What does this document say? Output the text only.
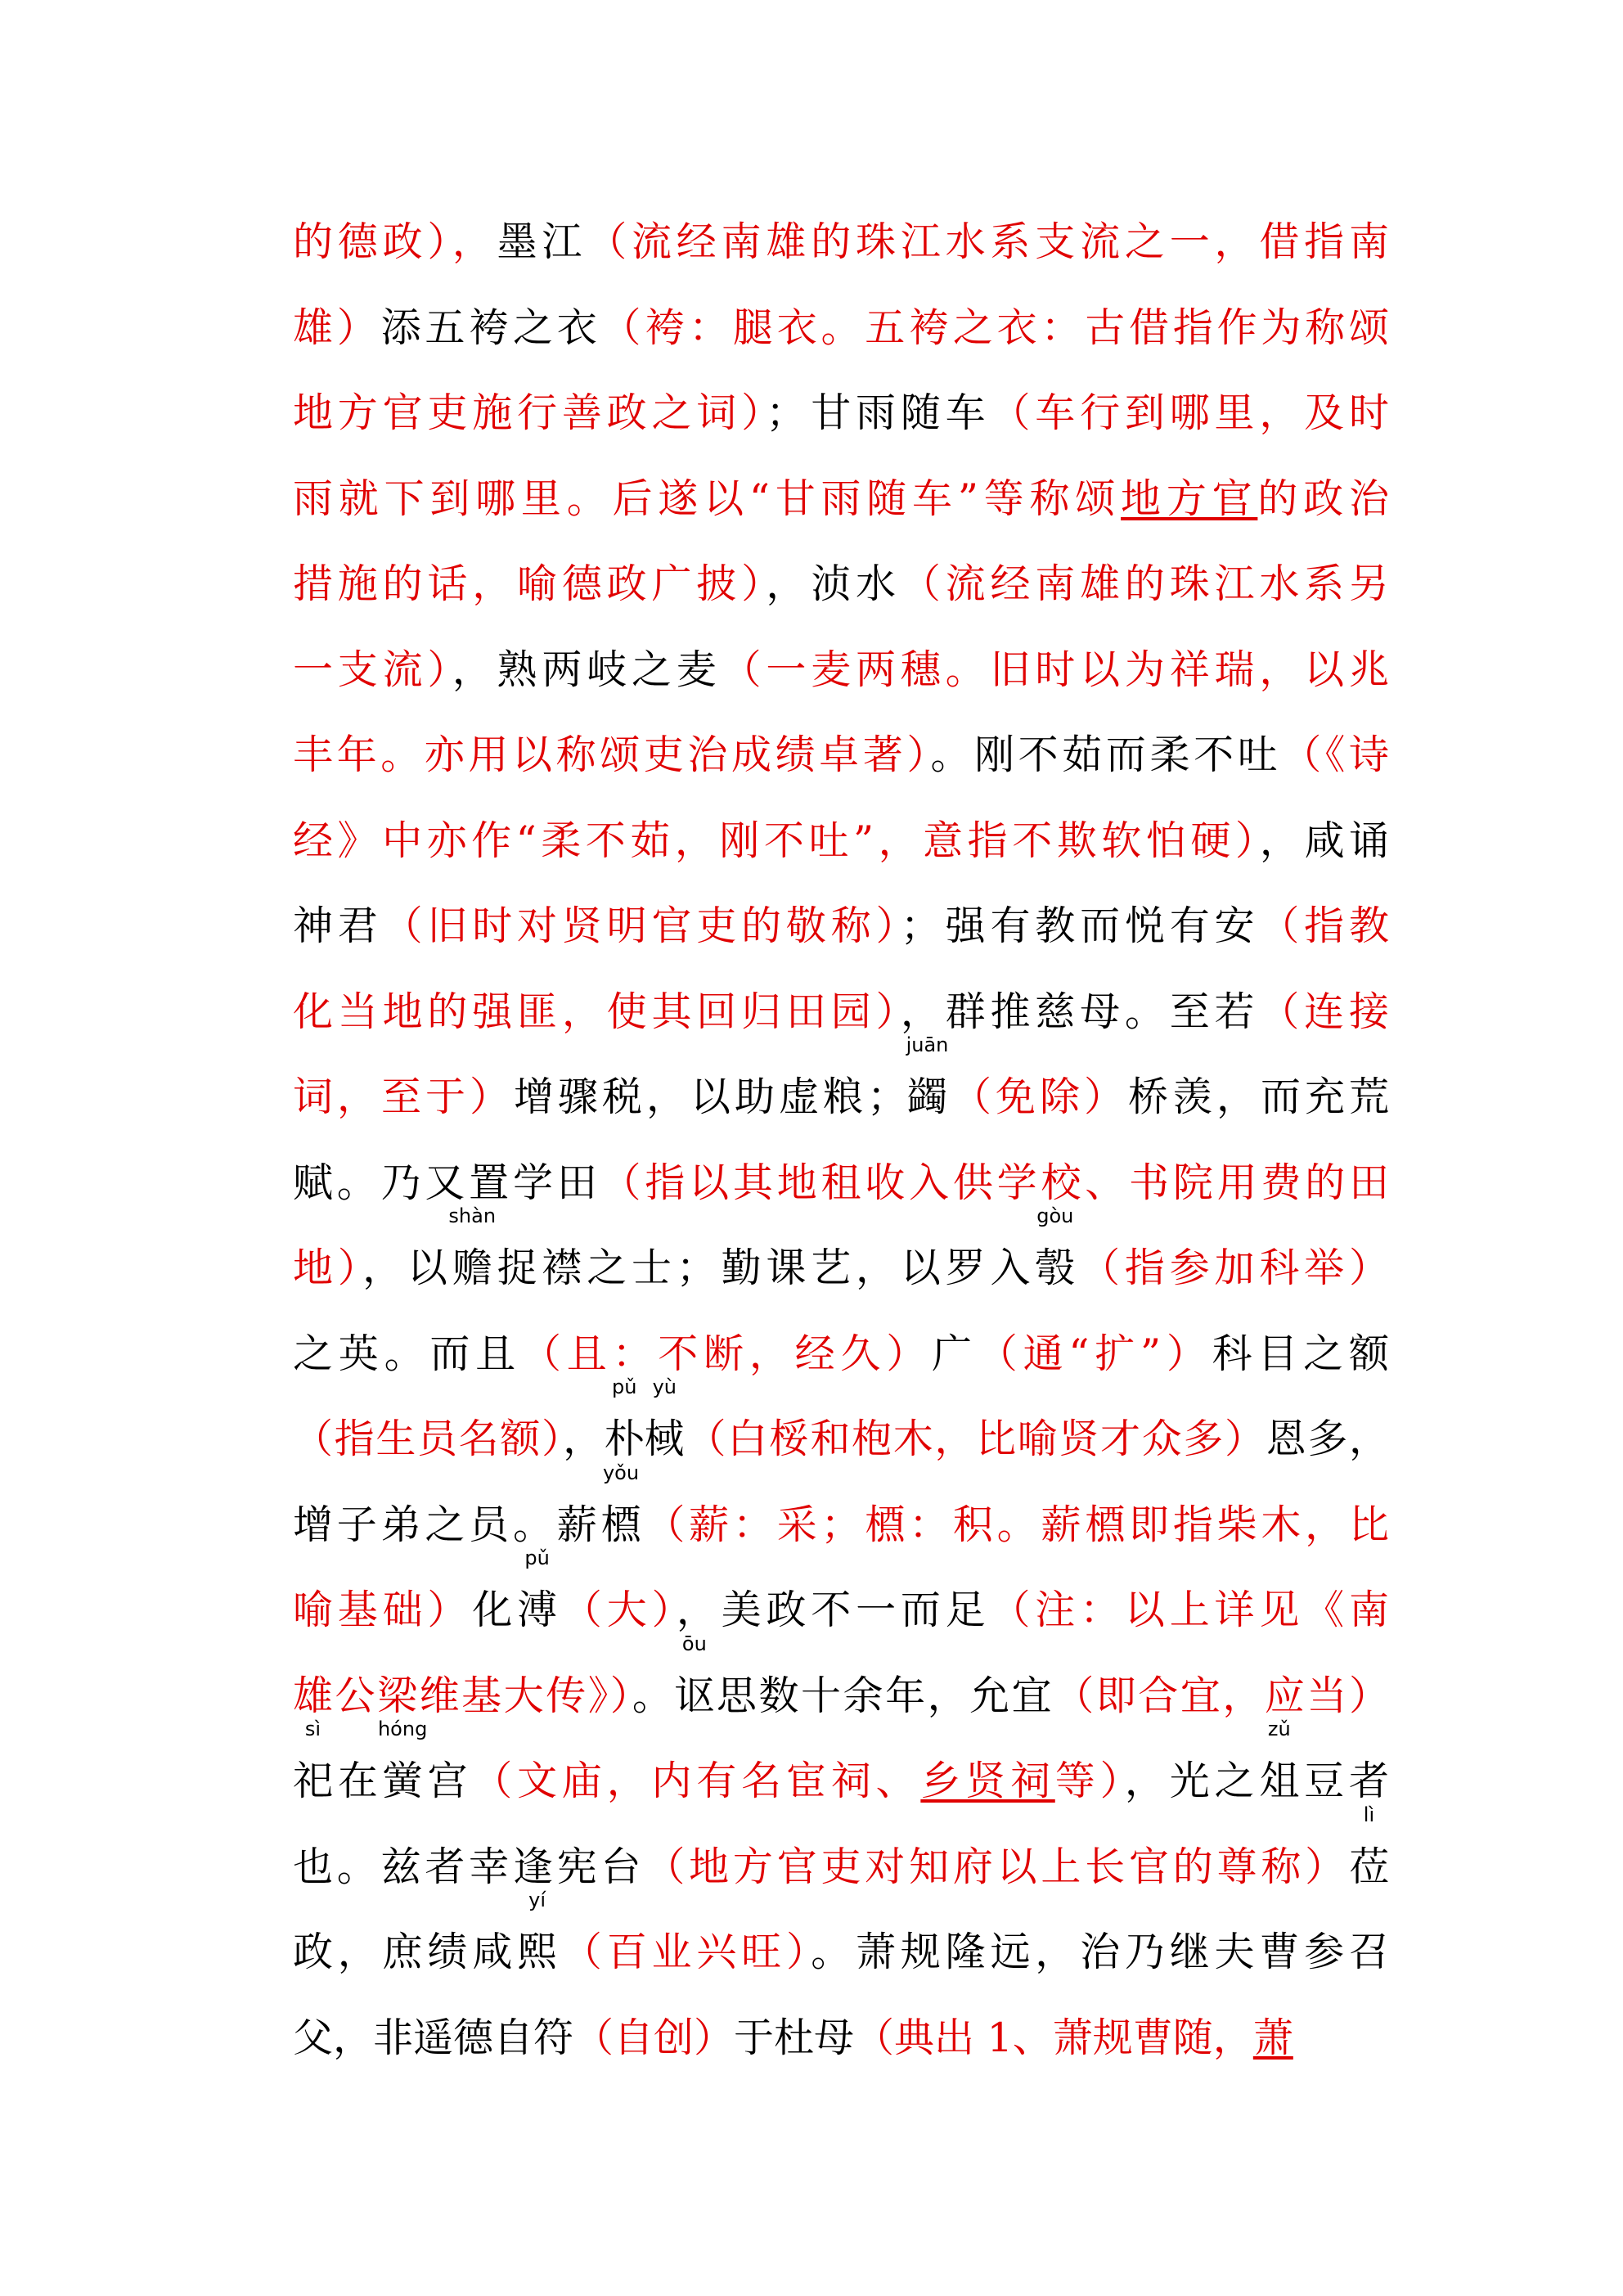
的德政），墨江（流经南雄的珠江水系支流之一，借指南
雄）添五袴之衣（袴：腿衣。五袴之衣：古借指作为称颂
地方官吏施行善政之词）；甘雨随车（车行到哪里，及时
雨就下到哪里。后遂以“甘雨随车”等称颂地方官的政治
措施的话，喻德政广披），浈水（流经南雄的珠江水系另
一支流），熟两岐之麦（一麦两穗。旧时以为祥瑞，以兆
丰年。亦用以称颂吏治成绩卓著）。刚不茹而柔不吐（《诗
经》中亦作“柔不茹，刚不吐”，意指不欺软怕硬），咸诵
神君（旧时对贤明官吏的敬称）；强有教而悦有安（指教
化当地的强匪，使其回归田园），群推慈母。至若（连接
词，至于）增骤税，以助虚粮；蠲
juān
（免除）桥羡，而充荒
赋。乃又置学田（指以其地租收入供学校、书院用费的田
地），以赡
shàn
捉襟之士；勤课艺，以罗入彀
gòu
（指参加科举）
之英。而且（且：不断，经久）广（通“扩”）科目之额
（指生员名额），朴
pǔ
棫
yù
（白桵和枹木，比喻贤才众多）恩多，
增子弟之员。薪槱
yǒu
（薪：采；槱：积。薪槱即指柴木，比
喻基础）化溥
pǔ
（大），美政不一而足（注：以上详见《南
雄公梁维基大传》）。讴
ōu
思数十余年，允宜（即合宜，应当）
祀
sì
在黉
hóng
宫（文庙，内有名宦祠、乡贤祠等），光之俎
zǔ
豆者
也。兹者幸逢宪台（地方官吏对知府以上长官的尊称）莅
lì
政，庶绩咸熙
yí
（百业兴旺）。萧规隆远，治乃继夫曹参召
父，非遥德自符（自创）于杜母（典出 1、萧规曹随，萧
